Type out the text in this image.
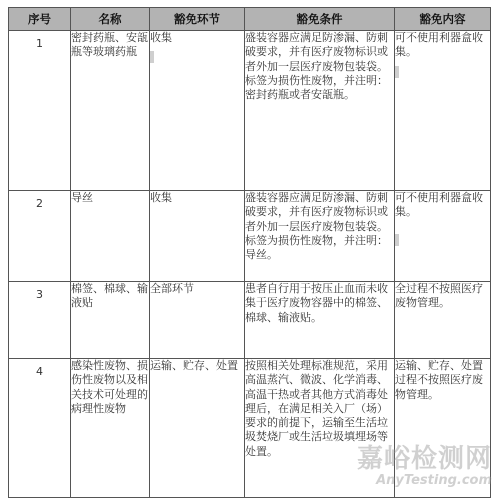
序号	名称	豁免环节	豁免条件	豁免内容
1	密封药瓶、安瓿瓶等玻璃药瓶	收集	盛装容器应满足防渗漏、防刺破要求，并有医疗废物标识或者外加一层医疗废物包装袋。标签为损伤性废物，并注明：密封药瓶或者安瓿瓶。	可不使用利器盒收集。

2	导丝	收集	盛装容器应满足防渗漏、防刺破要求，并有医疗废物标识或者外加一层医疗废物包装袋。标签为损伤性废物，并注明：导丝。	可不使用利器盒收集。

3	棉签、棉球、输液贴	全部环节	患者自行用于按压止血而未收集于医疗废物容器中的棉签、棉球、输液贴。	全过程不按照医疗废物管理。
4	感染性废物、损伤性废物以及相关技术可处理的病理性废物	运输、贮存、处置	按照相关处理标准规范，采用高温蒸汽、微波、化学消毒、高温干热或者其他方式消毒处理后，在满足相关入厂（场）要求的前提下，运输至生活垃圾焚烧厂或生活垃圾填埋场等处置。	运输、贮存、处置过程不按照医疗废物管理。
嘉峪检测网
AnyTesting.com
